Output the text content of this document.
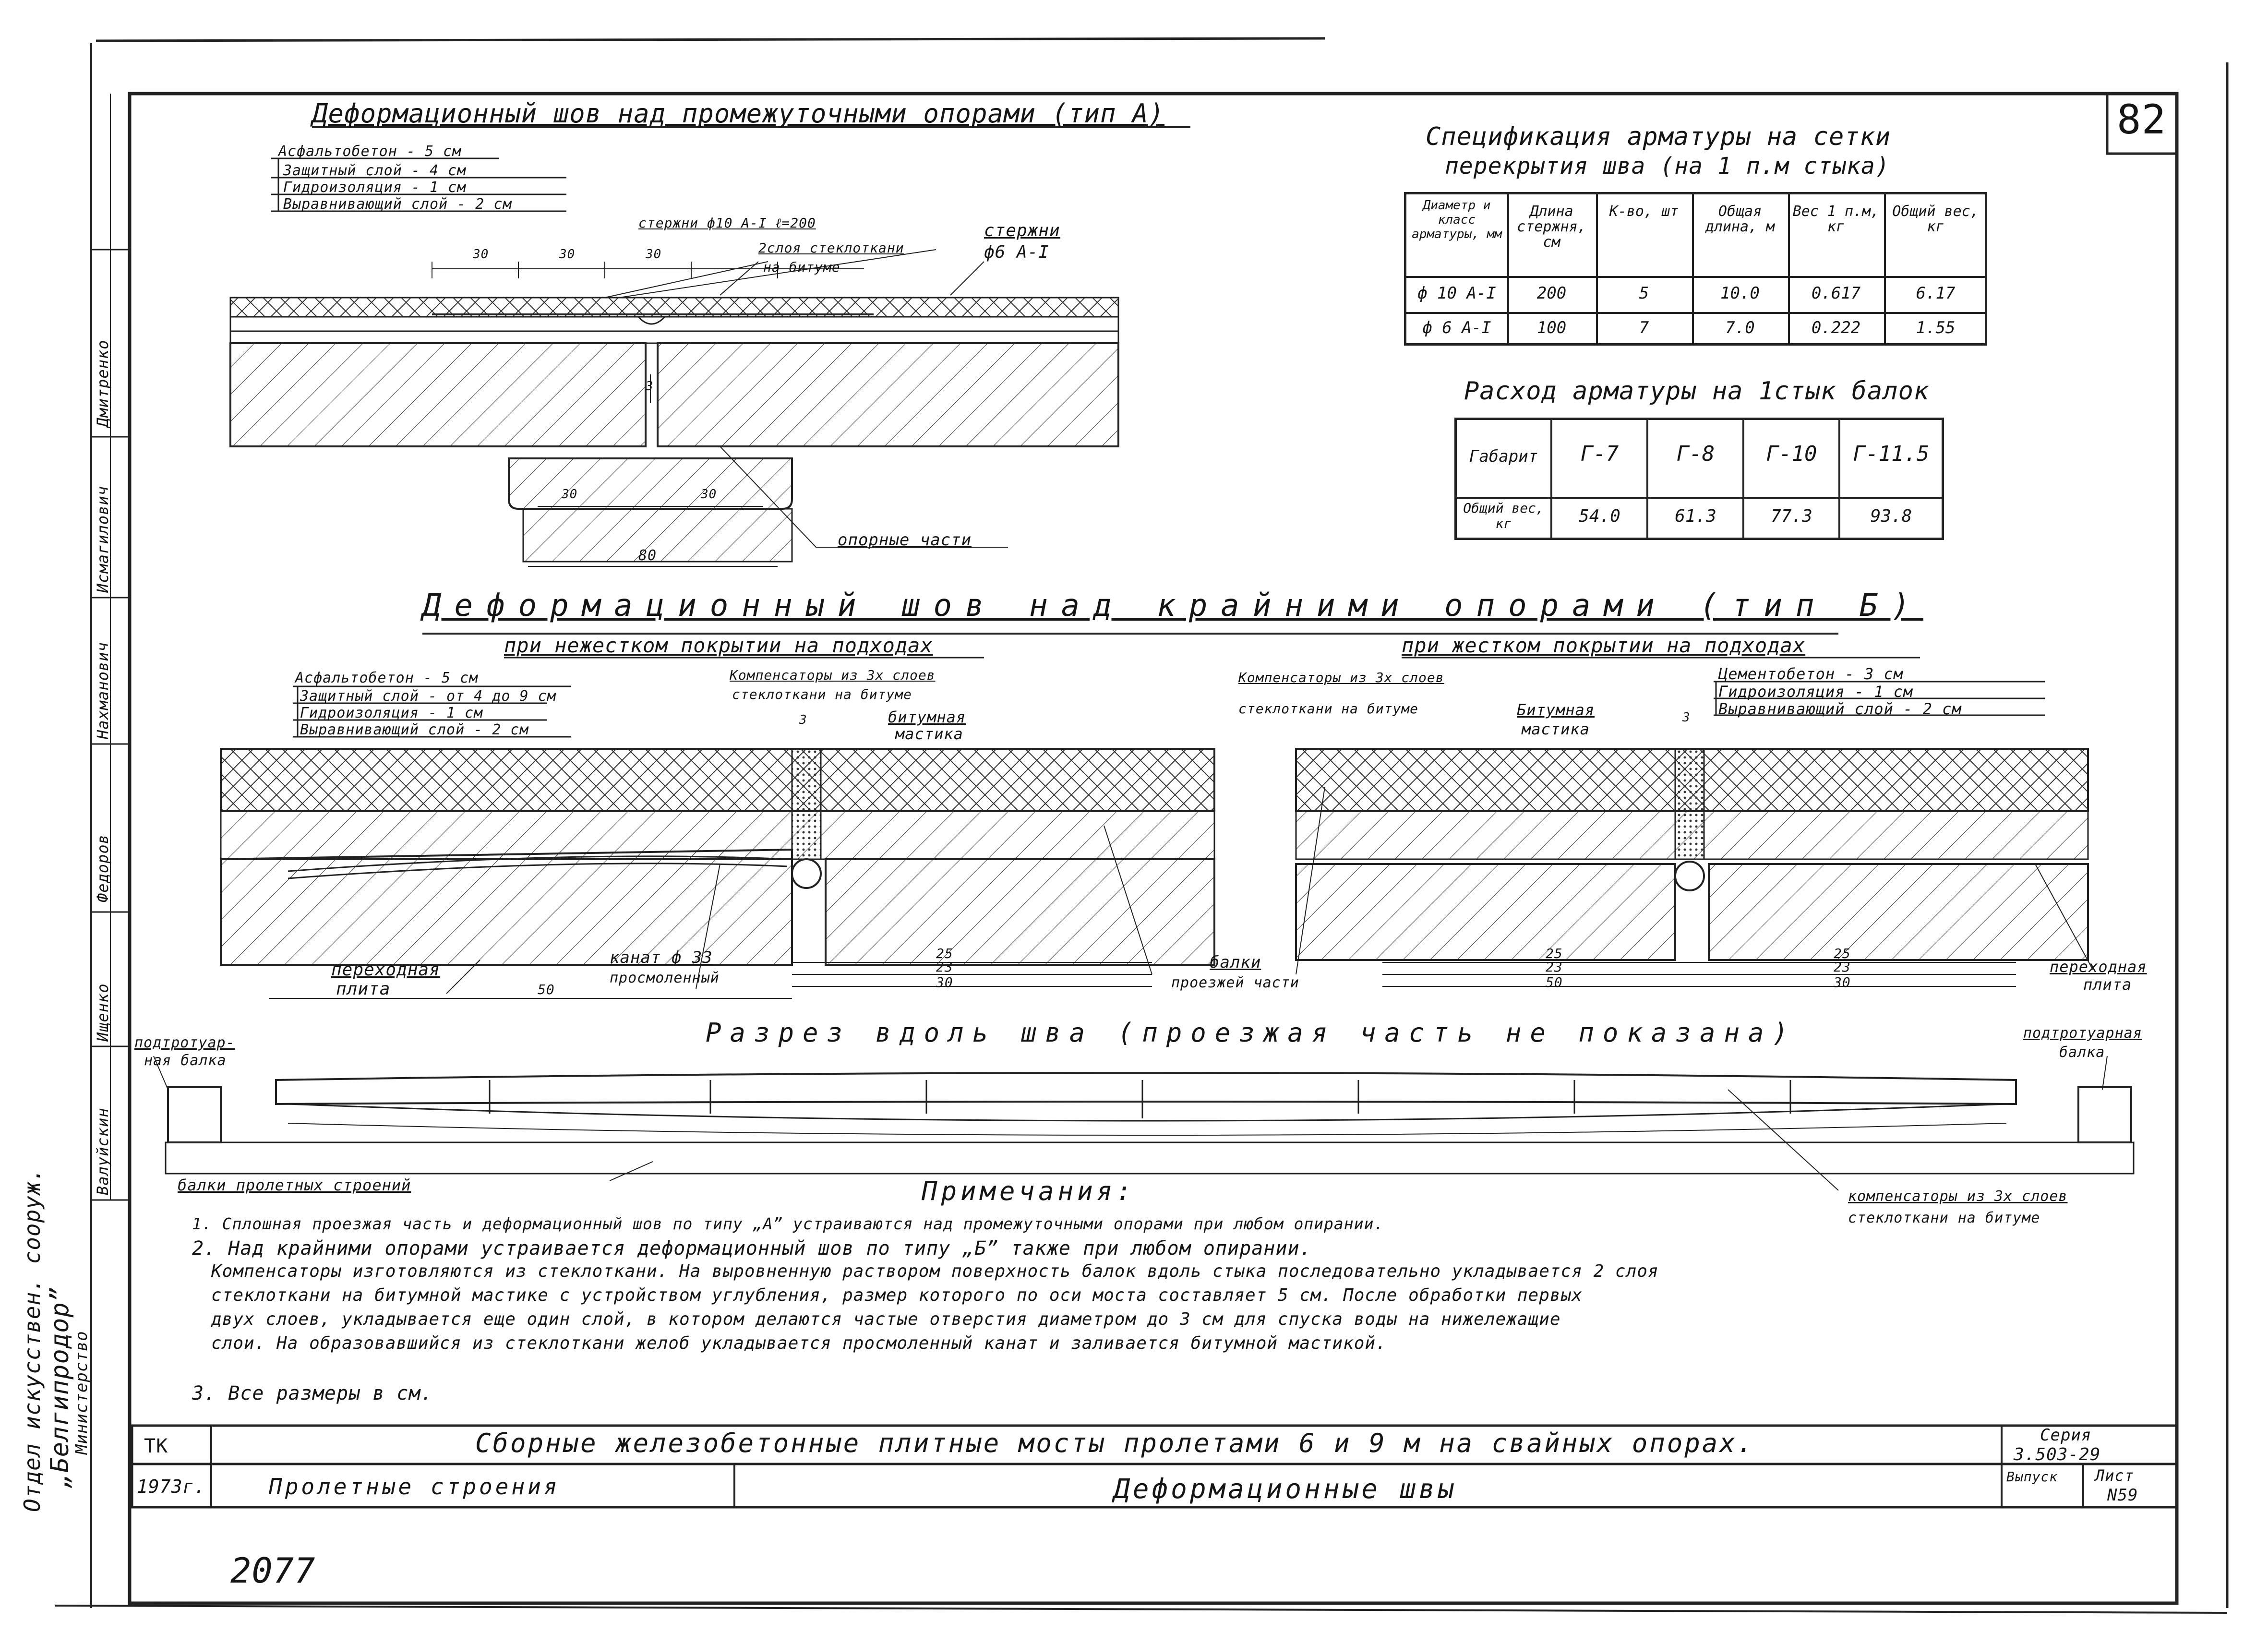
82
Деформационный шов над промежуточными опорами (тип А)
Асфальтобетон - 5 см
Защитный слой - 4 см
Гидроизоляция - 1 см
Выравнивающий слой - 2 см
стержни ф10 А-I ℓ=200
2слоя стеклоткани
на битуме
стержни
ф6 А-I
опорные части
30	30	30
3
30	30
80
Спецификация арматуры на сетки
перекрытия шва (на 1 п.м стыка)
Диаметр и класс арматуры, мм
Длина стержня, см
К-во, шт	Общая длина, м
Вес 1 п.м, кг
Общий вес, кг
ф 10 А-I	200	5	10.0	0.617	6.17
ф 6 А-I	100	7	7.0	0.222	1.55
Расход арматуры на 1стык балок
Габарит	Г-7	Г-8	Г-10	Г-11.5
Общий вес, кг	54.0	61.3	77.3	93.8
Деформационный шов над крайними опорами (тип Б)
при нежестком покрытии на подходах	при жестком покрытии на подходах
Асфальтобетон - 5 см
Защитный слой - от 4 до 9 см
Гидроизоляция - 1 см
Выравнивающий слой - 2 см
Компенсаторы из 3х слоев
стеклоткани на битуме
битумная
мастика
3
Компенсаторы из 3х слоев
стеклоткани на битуме	Битумная
мастика
3
Цементобетон - 3 см
Гидроизоляция - 1 см
Выравнивающий слой - 2 см
переходная
плита
канат ф 33
просмоленный
балки
проезжей части
переходная
плита
50
25
23
30
25
23
50
25
23
30
Разрез вдоль шва (проезжая часть не показана)
подтротуар-
ная балка
подтротуарная
балка
балки пролетных строений
компенсаторы из 3х слоев
стеклоткани на битуме
Примечания:
1. Сплошная проезжая часть и деформационный шов по типу „А” устраиваются над промежуточными опорами при любом опирании.
2. Над крайними опорами устраивается деформационный шов по типу „Б” также при любом опирании.
Компенсаторы изготовляются из стеклоткани. На выровненную раствором поверхность балок вдоль стыка последовательно укладывается 2 слоя
стеклоткани на битумной мастике с устройством углубления, размер которого по оси моста составляет 5 см. После обработки первых
двух слоев, укладывается еще один слой, в котором делаются частые отверстия диаметром до 3 см для спуска воды на нижележащие
слои. На образовавшийся из стеклоткани желоб укладывается просмоленный канат и заливается битумной мастикой.
3. Все размеры в см.
ТК	Сборные железобетонные плитные мосты пролетами 6 и 9 м на свайных опорах.	Серия
3.503-29
1973г.	Пролетные строения	Деформационные швы	Выпуск Лист
N59
Отдел искусствен. сооруж. „Белгипродор”
Министерство
Дмитренко
Исмагилович
Нахманович
Федоров
Ищенко
Валуйскин
2077
